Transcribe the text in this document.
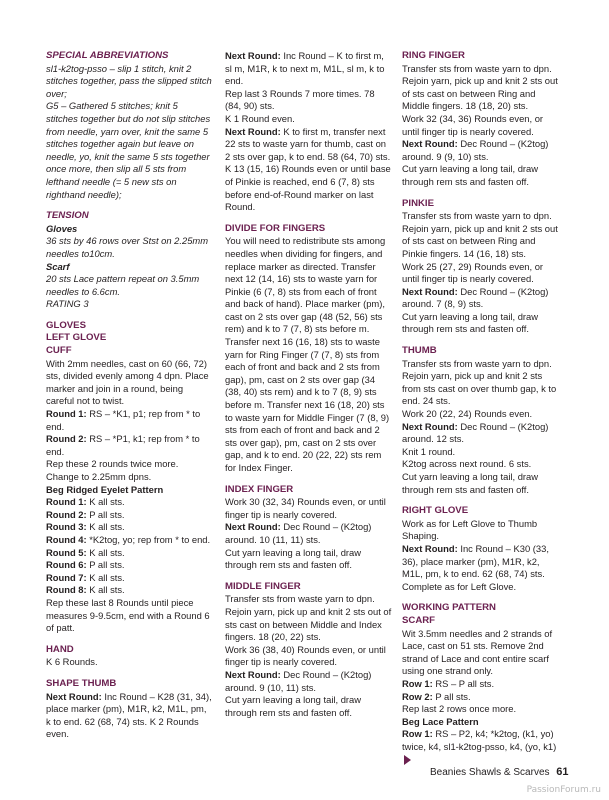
SPECIAL ABBREVIATIONS

sl1-k2tog-psso – slip 1 stitch, knit 2 stitches together, pass the slipped stitch over;

G5 – Gathered 5 stitches; knit 5 stitches together but do not slip stitches from needle, yarn over, knit the same 5 stitches together again but leave on needle, yo, knit the same 5 sts together once more, then slip all 5 sts from lefthand needle (= 5 new sts on righthand needle);

TENSION

Gloves

36 sts by 46 rows over Stst on 2.25mm needles to10cm.

Scarf

20 sts Lace pattern repeat on 3.5mm needles to 6.6cm.

RATING 3

GLOVES

LEFT GLOVE

CUFF

With 2mm needles, cast on 60 (66, 72) sts, divided evenly among 4 dpn. Place marker and join in a round, being careful not to twist.

Round 1: RS – *K1, p1; rep from * to end.

Round 2: RS – *P1, k1; rep from * to end.

Rep these 2 rounds twice more. Change to 2.25mm dpns.

Beg Ridged Eyelet Pattern

Round 1: K all sts.

Round 2: P all sts.

Round 3: K all sts.

Round 4: *K2tog, yo; rep from * to end.

Round 5: K all sts.

Round 6: P all sts.

Round 7: K all sts.

Round 8: K all sts.

Rep these last 8 Rounds until piece measures 9-9.5cm, end with a Round 6 of patt.

HAND

K 6 Rounds.

SHAPE THUMB

Next Round: Inc Round – K28 (31, 34), place marker (pm), M1R, k2, M1L, pm, k to end. 62 (68, 74) sts. K 2 Rounds even.

Next Round: Inc Round – K to first m, sl m, M1R, k to next m, M1L, sl m, k to end.

Rep last 3 Rounds 7 more times. 78 (84, 90) sts.

K 1 Round even.

Next Round: K to first m, transfer next 22 sts to waste yarn for thumb, cast on 2 sts over gap, k to end. 58 (64, 70) sts.

K 13 (15, 16) Rounds even or until base of Pinkie is reached, end 6 (7, 8) sts before end-of-Round marker on last Round.

DIVIDE FOR FINGERS

You will need to redistribute sts among needles when dividing for fingers, and replace marker as directed. Transfer next 12 (14, 16) sts to waste yarn for Pinkie (6 (7, 8) sts from each of front and back of hand). Place marker (pm), cast on 2 sts over gap (48 (52, 56) sts rem) and k to 7 (7, 8) sts before m. Transfer next 16 (16, 18) sts to waste yarn for Ring Finger (7 (7, 8) sts from each of front and back and 2 sts from gap), pm, cast on 2 sts over gap (34 (38, 40) sts rem) and k to 7 (8, 9) sts before m. Transfer next 16 (18, 20) sts to waste yarn for Middle Finger (7 (8, 9) sts from each of front and back and 2 sts over gap), pm, cast on 2 sts over gap, and k to end. 20 (22, 22) sts rem for Index Finger.

INDEX FINGER

Work 30 (32, 34) Rounds even, or until finger tip is nearly covered.

Next Round: Dec Round – (K2tog) around. 10 (11, 11) sts.

Cut yarn leaving a long tail, draw through rem sts and fasten off.

MIDDLE FINGER

Transfer sts from waste yarn to dpn. Rejoin yarn, pick up and knit 2 sts out of sts cast on between Middle and Index fingers. 18 (20, 22) sts.

Work 36 (38, 40) Rounds even, or until finger tip is nearly covered.

Next Round: Dec Round – (K2tog) around. 9 (10, 11) sts.

Cut yarn leaving a long tail, draw through rem sts and fasten off.

RING FINGER

Transfer sts from waste yarn to dpn. Rejoin yarn, pick up and knit 2 sts out of sts cast on between Ring and Middle fingers. 18 (18, 20) sts.

Work 32 (34, 36) Rounds even, or until finger tip is nearly covered.

Next Round: Dec Round – (K2tog) around. 9 (9, 10) sts.

Cut yarn leaving a long tail, draw through rem sts and fasten off.

PINKIE

Transfer sts from waste yarn to dpn. Rejoin yarn, pick up and knit 2 sts out of sts cast on between Ring and Pinkie fingers. 14 (16, 18) sts.

Work 25 (27, 29) Rounds even, or until finger tip is nearly covered.

Next Round: Dec Round – (K2tog) around. 7 (8, 9) sts.

Cut yarn leaving a long tail, draw through rem sts and fasten off.

THUMB

Transfer sts from waste yarn to dpn. Rejoin yarn, pick up and knit 2 sts from sts cast on over thumb gap, k to end. 24 sts.

Work 20 (22, 24) Rounds even.

Next Round: Dec Round – (K2tog) around. 12 sts.

Knit 1 round.

K2tog across next round. 6 sts.

Cut yarn leaving a long tail, draw through rem sts and fasten off.

RIGHT GLOVE

Work as for Left Glove to Thumb Shaping.

Next Round: Inc Round – K30 (33, 36), place marker (pm), M1R, k2, M1L, pm, k to end. 62 (68, 74) sts. Complete as for Left Glove.

WORKING PATTERN

SCARF

Wit 3.5mm needles and 2 strands of Lace, cast on 51 sts. Remove 2nd strand of Lace and cont entire scarf using one strand only.

Row 1: RS – P all sts.

Row 2: P all sts.

Rep last 2 rows once more.

Beg Lace Pattern

Row 1: RS – P2, k4; *k2tog, (k1, yo) twice, k4, sl1-k2tog-psso, k4, (yo, k1)

Beanies Shawls & Scarves 61
PassionForum.ru
